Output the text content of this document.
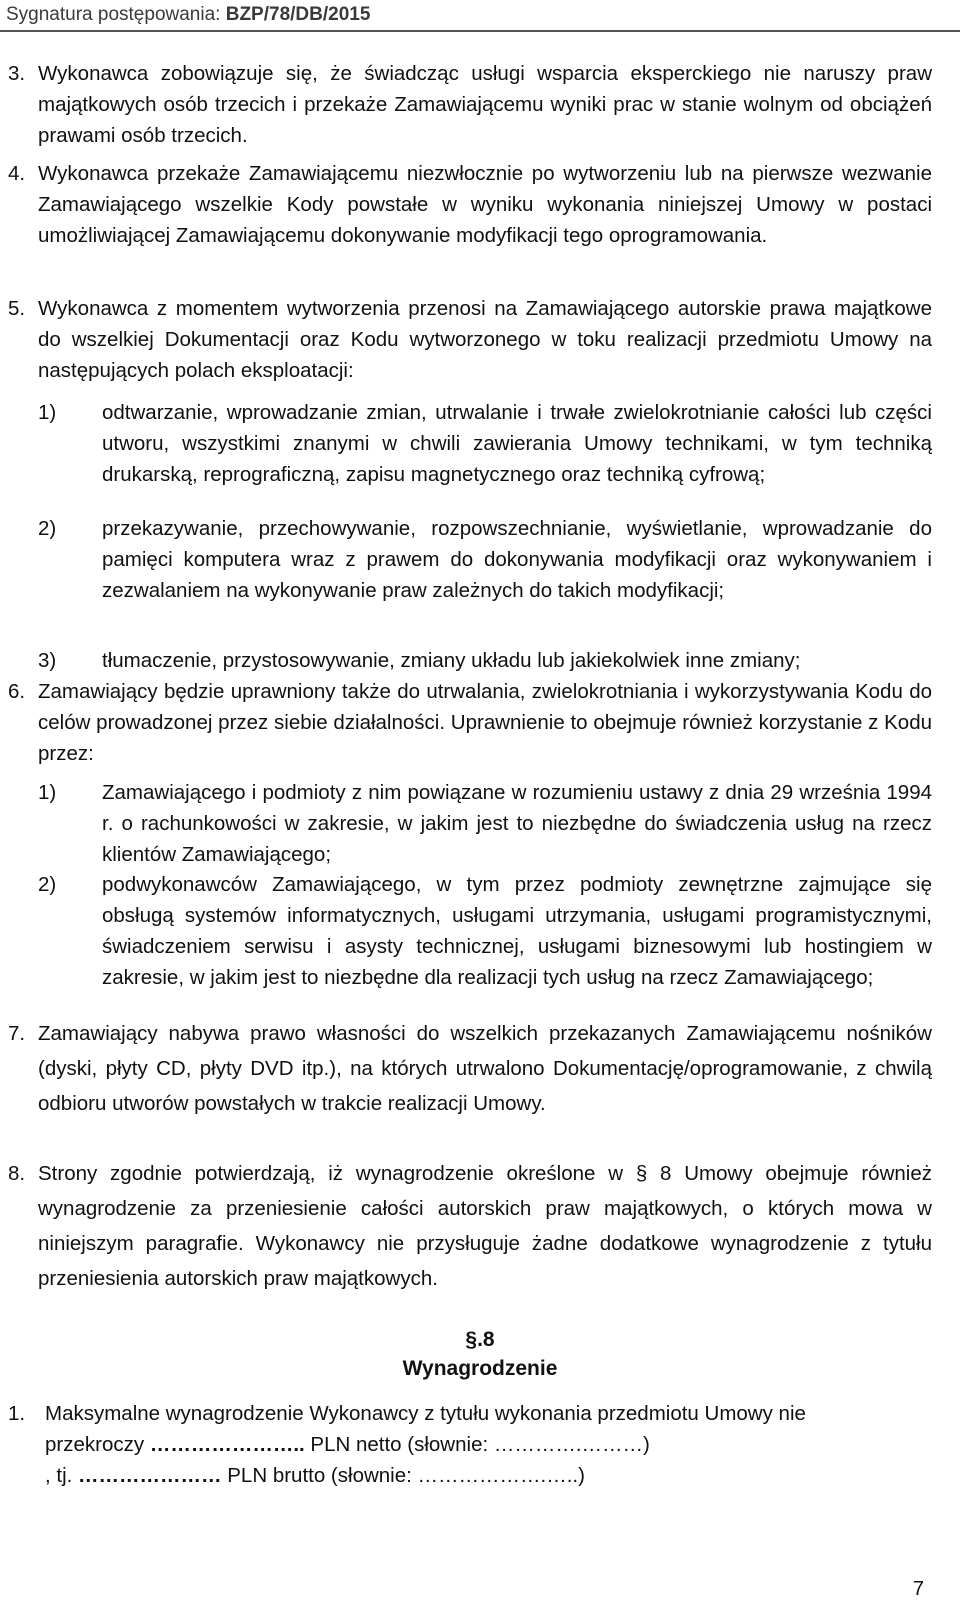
Sygnatura postępowania: BZP/78/DB/2015
3. Wykonawca zobowiązuje się, że świadcząc usługi wsparcia eksperckiego nie naruszy praw majątkowych osób trzecich i przekaże Zamawiającemu wyniki prac w stanie wolnym od obciążeń prawami osób trzecich.
4. Wykonawca przekaże Zamawiającemu niezwłocznie po wytworzeniu lub na pierwsze wezwanie Zamawiającego wszelkie Kody powstałe w wyniku wykonania niniejszej Umowy w postaci umożliwiającej Zamawiającemu dokonywanie modyfikacji tego oprogramowania.
5. Wykonawca z momentem wytworzenia przenosi na Zamawiającego autorskie prawa majątkowe do wszelkiej Dokumentacji oraz Kodu wytworzonego w toku realizacji przedmiotu Umowy na następujących polach eksploatacji:
1) odtwarzanie, wprowadzanie zmian, utrwalanie i trwałe zwielokrotnianie całości lub części utworu, wszystkimi znanymi w chwili zawierania Umowy technikami, w tym techniką drukarską, reprograficzną, zapisu magnetycznego oraz techniką cyfrową;
2) przekazywanie, przechowywanie, rozpowszechnianie, wyświetlanie, wprowadzanie do pamięci komputera wraz z prawem do dokonywania modyfikacji oraz wykonywaniem i zezwalaniem na wykonywanie praw zależnych do takich modyfikacji;
3) tłumaczenie, przystosowywanie, zmiany układu lub jakiekolwiek inne zmiany;
6. Zamawiający będzie uprawniony także do utrwalania, zwielokrotniania i wykorzystywania Kodu do celów prowadzonej przez siebie działalności. Uprawnienie to obejmuje również korzystanie z Kodu przez:
1) Zamawiającego i podmioty z nim powiązane w rozumieniu ustawy z dnia 29 września 1994 r. o rachunkowości w zakresie, w jakim jest to niezbędne do świadczenia usług na rzecz klientów Zamawiającego;
2) podwykonawców Zamawiającego, w tym przez podmioty zewnętrzne zajmujące się obsługą systemów informatycznych, usługami utrzymania, usługami programistycznymi, świadczeniem serwisu i asysty technicznej, usługami biznesowymi lub hostingiem w zakresie, w jakim jest to niezbędne dla realizacji tych usług na rzecz Zamawiającego;
7. Zamawiający nabywa prawo własności do wszelkich przekazanych Zamawiającemu nośników (dyski, płyty CD, płyty DVD itp.), na których utrwalono Dokumentację/oprogramowanie, z chwilą odbioru utworów powstałych w trakcie realizacji Umowy.
8. Strony zgodnie potwierdzają, iż wynagrodzenie określone w § 8 Umowy obejmuje również wynagrodzenie za przeniesienie całości autorskich praw majątkowych, o których mowa w niniejszym paragrafie. Wykonawcy nie przysługuje żadne dodatkowe wynagrodzenie z tytułu przeniesienia autorskich praw majątkowych.
§.8
Wynagrodzenie
1. Maksymalne wynagrodzenie Wykonawcy z tytułu wykonania przedmiotu Umowy nie
przekroczy ………………….. PLN netto (słownie: ………….………)
, tj. ………………… PLN brutto (słownie: ……………….…..)
7
